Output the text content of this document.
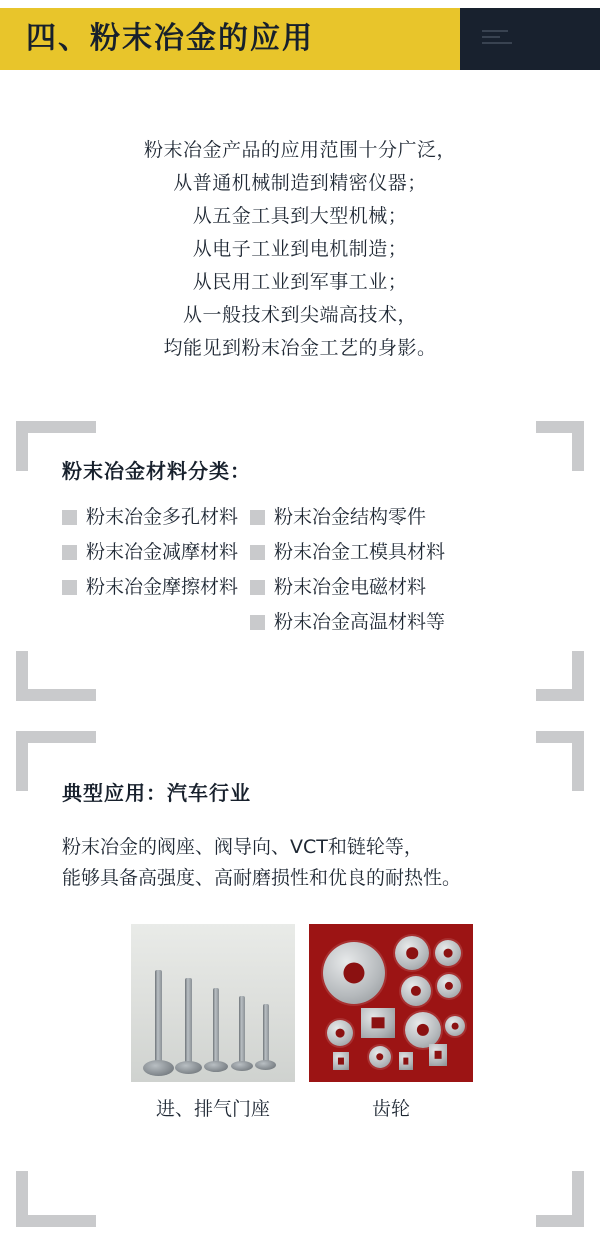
四、粉末冶金的应用
粉末冶金产品的应用范围十分广泛，
从普通机械制造到精密仪器；
从五金工具到大型机械；
从电子工业到电机制造；
从民用工业到军事工业；
从一般技术到尖端高技术，
均能见到粉末冶金工艺的身影。
粉末冶金材料分类：
粉末冶金多孔材料
粉末冶金减摩材料
粉末冶金摩擦材料
粉末冶金结构零件
粉末冶金工模具材料
粉末冶金电磁材料
粉末冶金高温材料等
典型应用：汽车行业
粉末冶金的阀座、阀导向、VCT和链轮等，
能够具备高强度、高耐磨损性和优良的耐热性。
进、排气门座	齿轮
